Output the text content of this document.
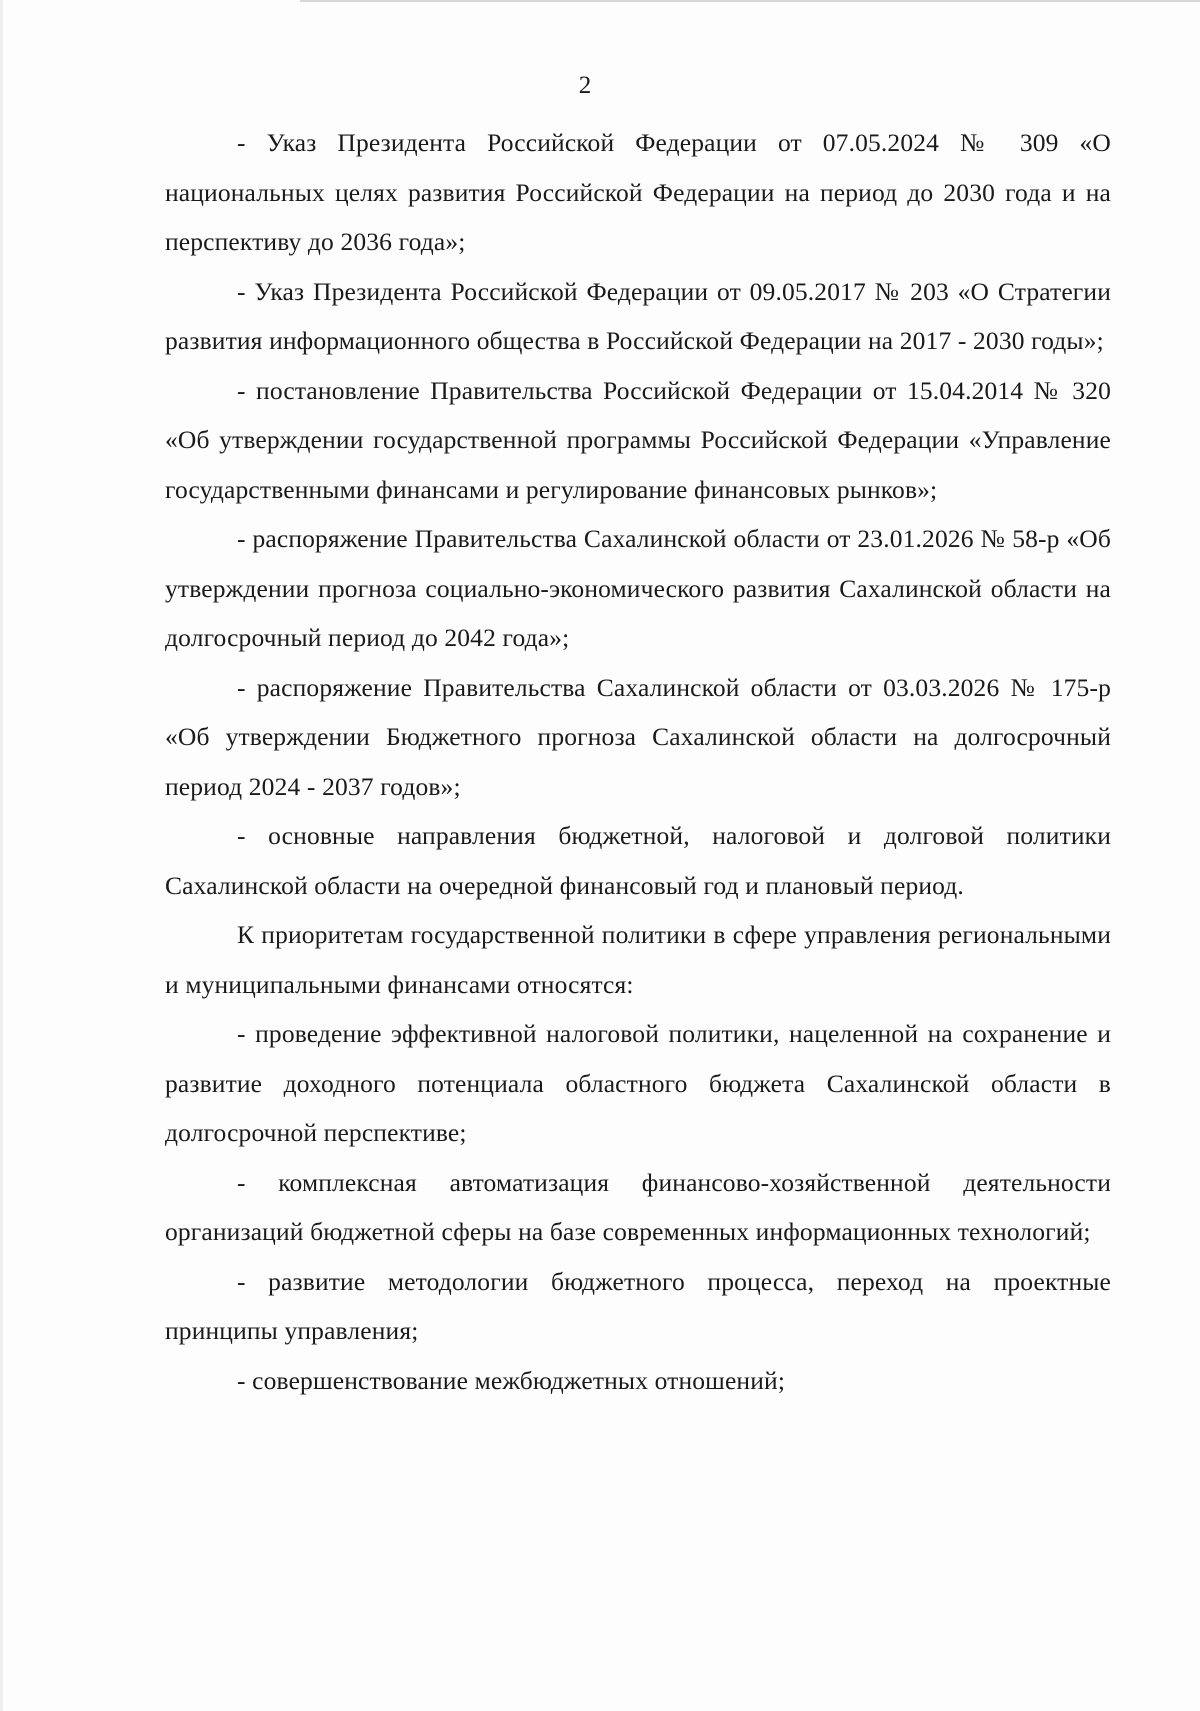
2

- Указ Президента Российской Федерации от 07.05.2024 № 309 «О национальных целях развития Российской Федерации на период до 2030 года и на перспективу до 2036 года»;

- Указ Президента Российской Федерации от 09.05.2017 № 203 «О Стратегии развития информационного общества в Российской Федерации на 2017 - 2030 годы»;

- постановление Правительства Российской Федерации от 15.04.2014 № 320 «Об утверждении государственной программы Российской Федерации «Управление государственными финансами и регулирование финансовых рынков»;

- распоряжение Правительства Сахалинской области от 23.01.2026 № 58-р «Об утверждении прогноза социально-экономического развития Сахалинской области на долгосрочный период до 2042 года»;

- распоряжение Правительства Сахалинской области от 03.03.2026 № 175-р «Об утверждении Бюджетного прогноза Сахалинской области на долгосрочный период 2024 - 2037 годов»;

- основные направления бюджетной, налоговой и долговой политики Сахалинской области на очередной финансовый год и плановый период.

К приоритетам государственной политики в сфере управления региональными и муниципальными финансами относятся:

- проведение эффективной налоговой политики, нацеленной на сохранение и развитие доходного потенциала областного бюджета Сахалинской области в долгосрочной перспективе;

- комплексная автоматизация финансово-хозяйственной деятельности организаций бюджетной сферы на базе современных информационных технологий;

- развитие методологии бюджетного процесса, переход на проектные принципы управления;

- совершенствование межбюджетных отношений;
